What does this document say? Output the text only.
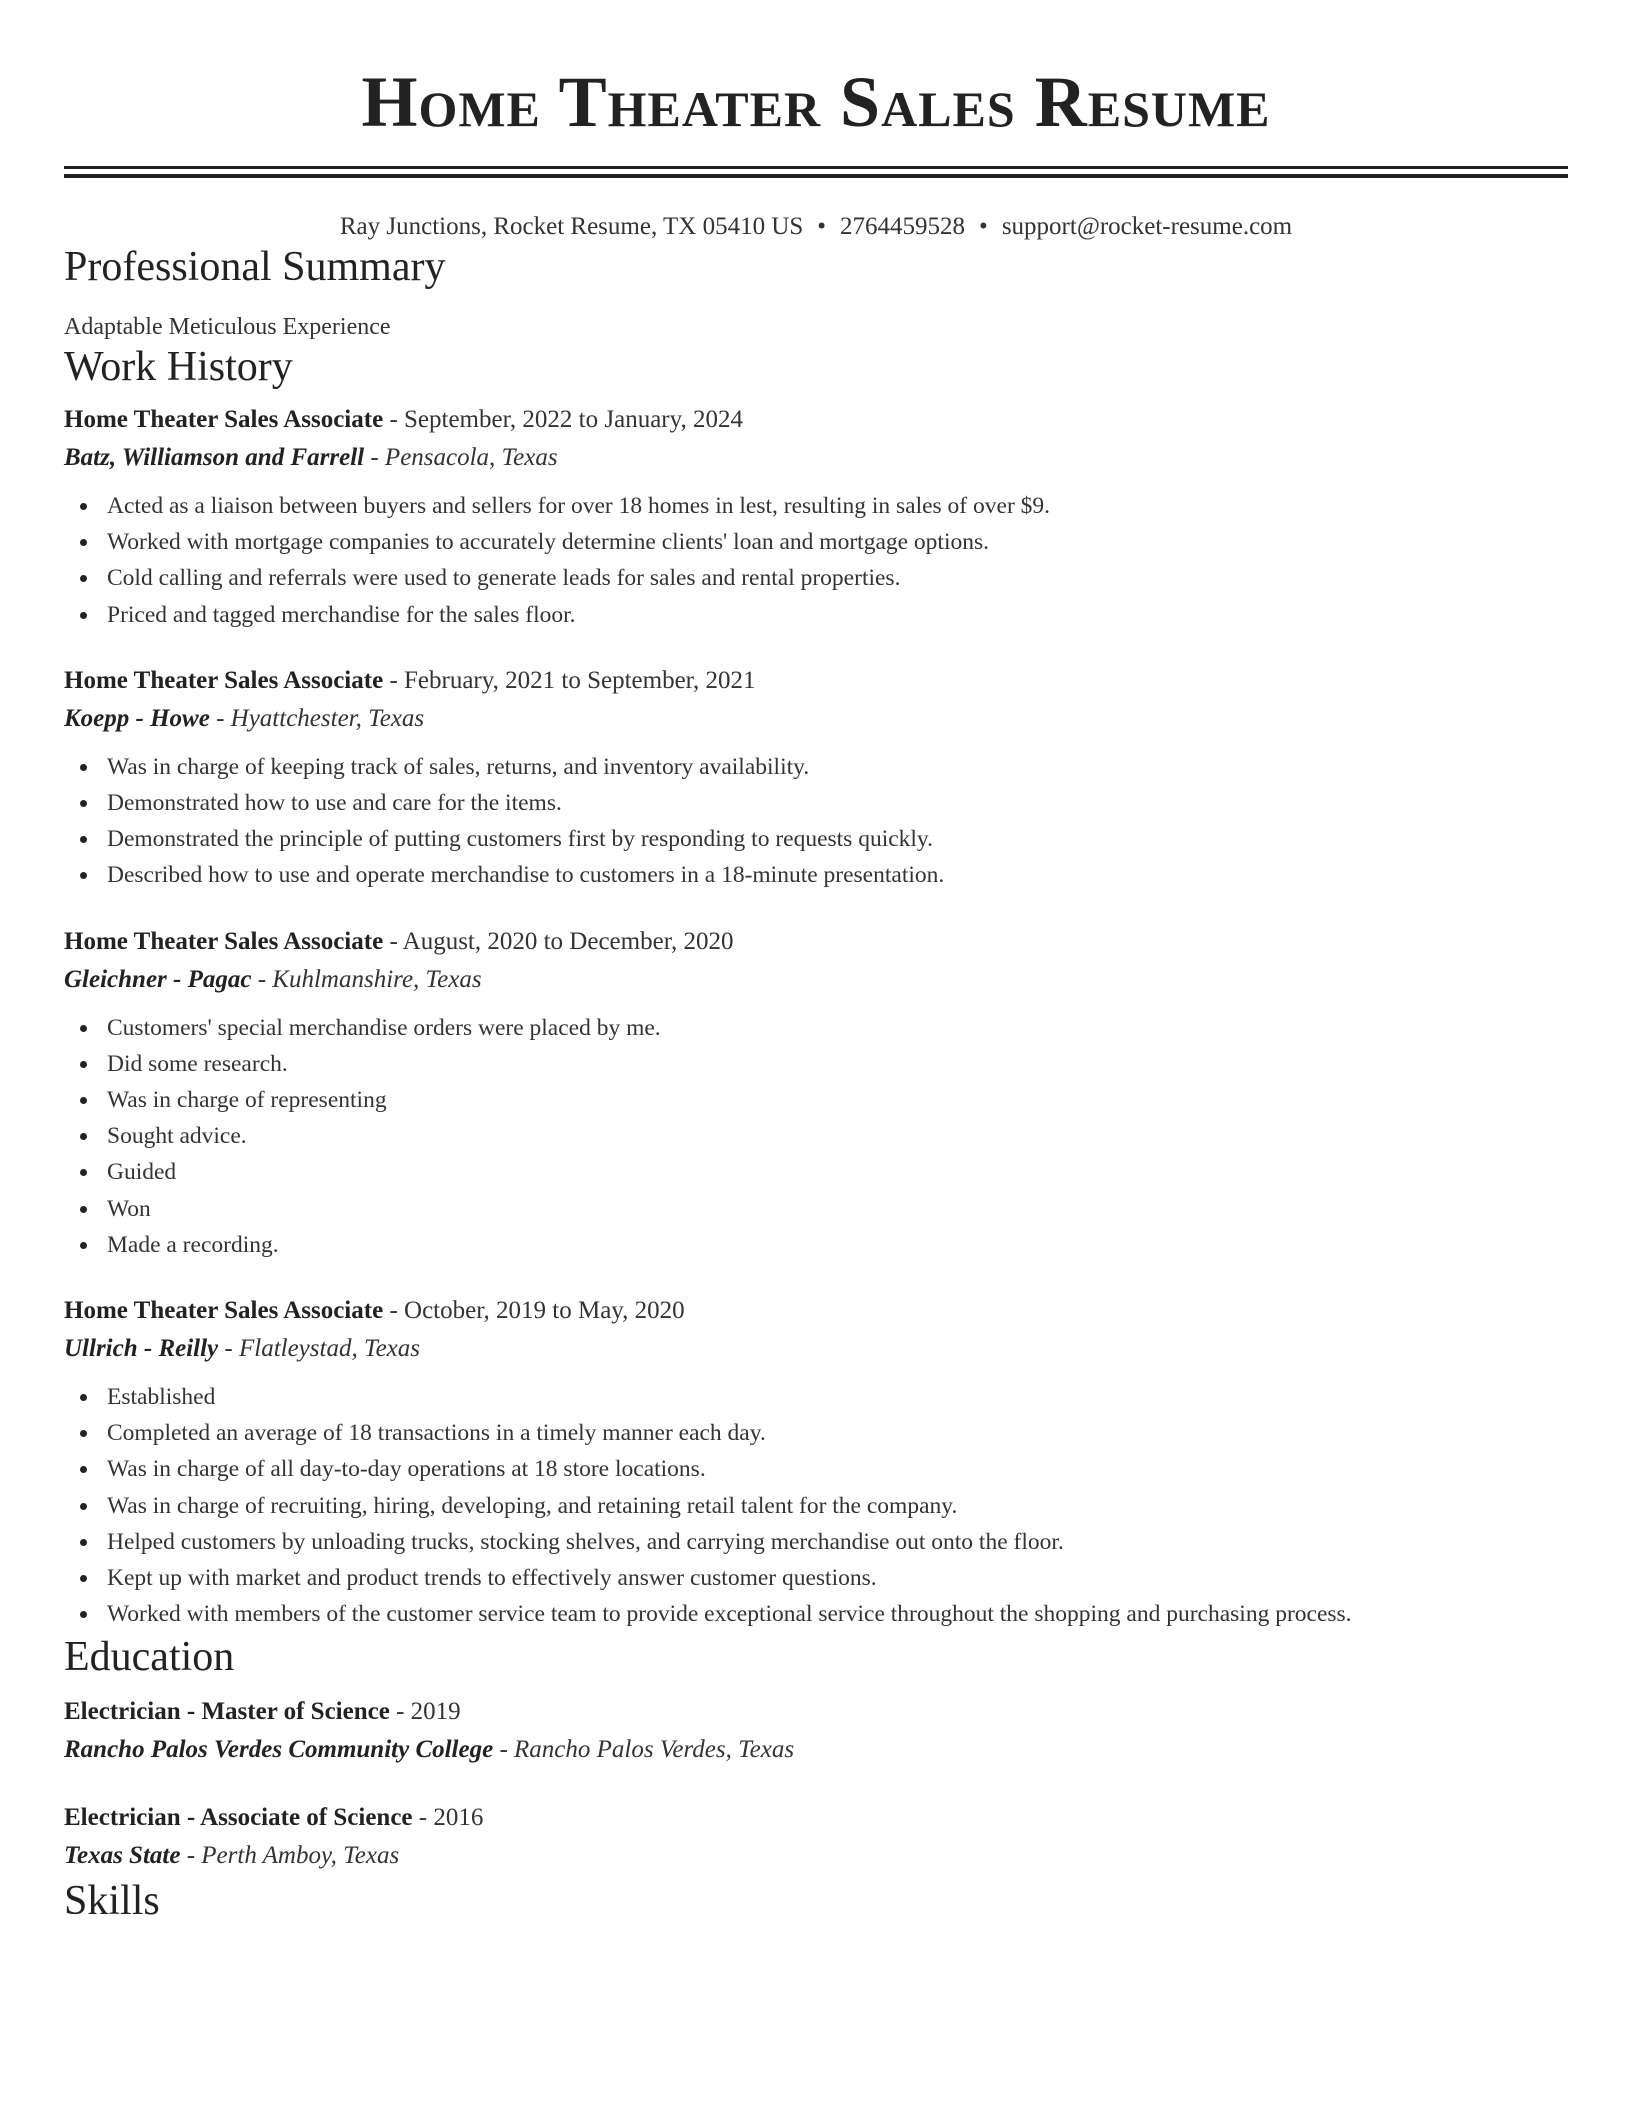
Home Theater Sales Resume
Ray Junctions, Rocket Resume, TX 05410 US • 2764459528 • support@rocket-resume.com
Professional Summary
Adaptable Meticulous Experience
Work History
Home Theater Sales Associate - September, 2022 to January, 2024
Batz, Williamson and Farrell - Pensacola, Texas
Acted as a liaison between buyers and sellers for over 18 homes in lest, resulting in sales of over $9.
Worked with mortgage companies to accurately determine clients' loan and mortgage options.
Cold calling and referrals were used to generate leads for sales and rental properties.
Priced and tagged merchandise for the sales floor.
Home Theater Sales Associate - February, 2021 to September, 2021
Koepp - Howe - Hyattchester, Texas
Was in charge of keeping track of sales, returns, and inventory availability.
Demonstrated how to use and care for the items.
Demonstrated the principle of putting customers first by responding to requests quickly.
Described how to use and operate merchandise to customers in a 18-minute presentation.
Home Theater Sales Associate - August, 2020 to December, 2020
Gleichner - Pagac - Kuhlmanshire, Texas
Customers' special merchandise orders were placed by me.
Did some research.
Was in charge of representing
Sought advice.
Guided
Won
Made a recording.
Home Theater Sales Associate - October, 2019 to May, 2020
Ullrich - Reilly - Flatleystad, Texas
Established
Completed an average of 18 transactions in a timely manner each day.
Was in charge of all day-to-day operations at 18 store locations.
Was in charge of recruiting, hiring, developing, and retaining retail talent for the company.
Helped customers by unloading trucks, stocking shelves, and carrying merchandise out onto the floor.
Kept up with market and product trends to effectively answer customer questions.
Worked with members of the customer service team to provide exceptional service throughout the shopping and purchasing process.
Education
Electrician - Master of Science - 2019
Rancho Palos Verdes Community College - Rancho Palos Verdes, Texas
Electrician - Associate of Science - 2016
Texas State - Perth Amboy, Texas
Skills
